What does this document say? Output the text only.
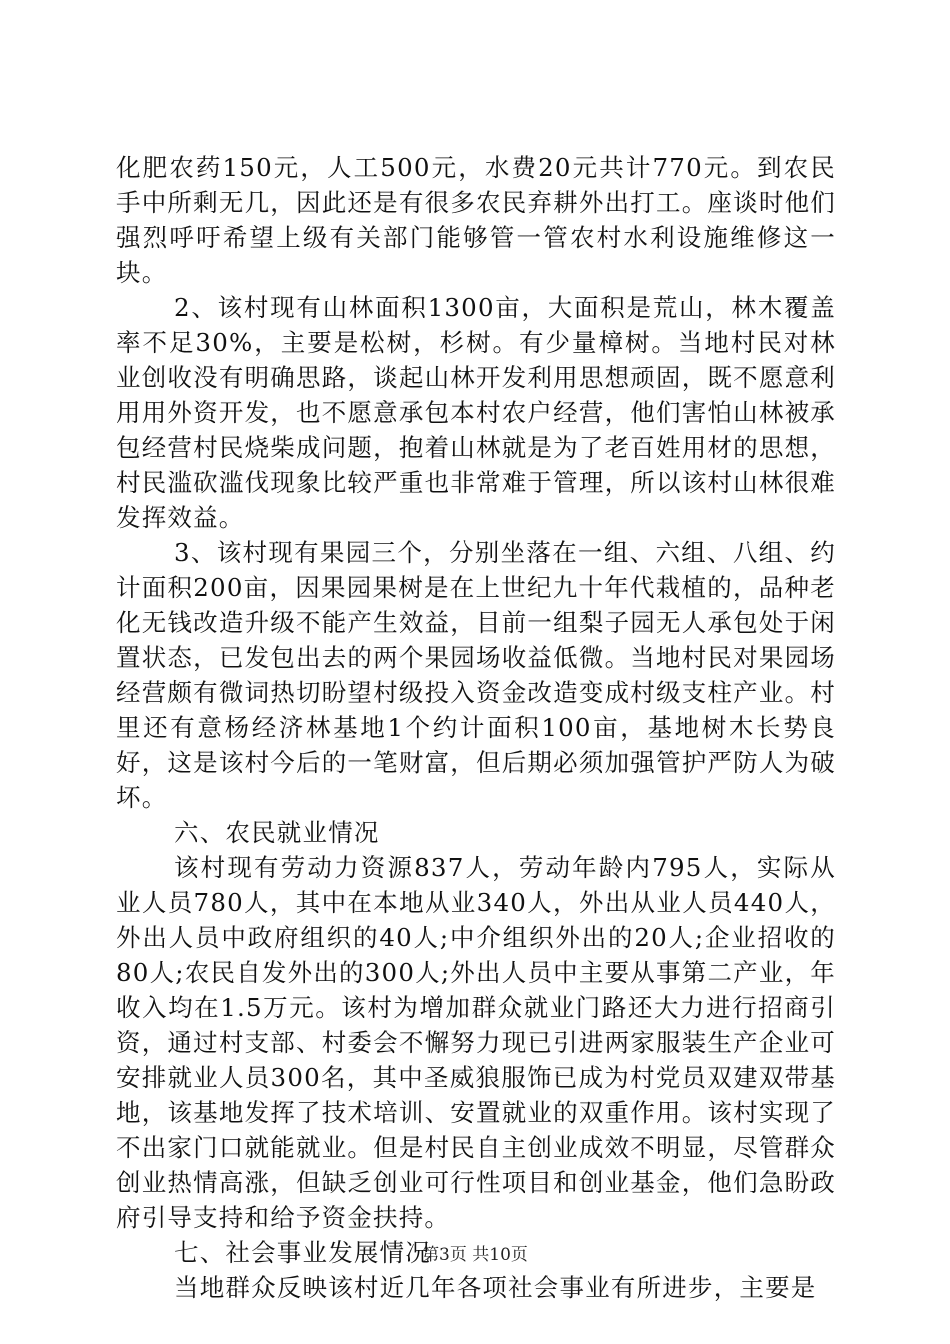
化肥农药150元，人工500元，水费20元共计770元。到农民手中所剩无几，因此还是有很多农民弃耕外出打工。座谈时他们强烈呼吁希望上级有关部门能够管一管农村水利设施维修这一块。

2、该村现有山林面积1300亩，大面积是荒山，林木覆盖率不足30%，主要是松树，杉树。有少量樟树。当地村民对林业创收没有明确思路，谈起山林开发利用思想顽固，既不愿意利用用外资开发，也不愿意承包本村农户经营，他们害怕山林被承包经营村民烧柴成问题，抱着山林就是为了老百姓用材的思想，村民滥砍滥伐现象比较严重也非常难于管理，所以该村山林很难发挥效益。

3、该村现有果园三个，分别坐落在一组、六组、八组、约计面积200亩，因果园果树是在上世纪九十年代栽植的，品种老化无钱改造升级不能产生效益，目前一组梨子园无人承包处于闲置状态，已发包出去的两个果园场收益低微。当地村民对果园场经营颇有微词热切盼望村级投入资金改造变成村级支柱产业。村里还有意杨经济林基地1个约计面积100亩，基地树木长势良好，这是该村今后的一笔财富，但后期必须加强管护严防人为破坏。

六、农民就业情况

该村现有劳动力资源837人，劳动年龄内795人，实际从业人员780人，其中在本地从业340人，外出从业人员440人，外出人员中政府组织的40人;中介组织外出的20人;企业招收的80人;农民自发外出的300人;外出人员中主要从事第二产业，年收入均在1.5万元。该村为增加群众就业门路还大力进行招商引资，通过村支部、村委会不懈努力现已引进两家服装生产企业可安排就业人员300名，其中圣威狼服饰已成为村党员双建双带基地，该基地发挥了技术培训、安置就业的双重作用。该村实现了不出家门口就能就业。但是村民自主创业成效不明显，尽管群众创业热情高涨，但缺乏创业可行性项目和创业基金，他们急盼政府引导支持和给予资金扶持。

七、社会事业发展情况

当地群众反映该村近几年各项社会事业有所进步，主要是

第3页 共10页
